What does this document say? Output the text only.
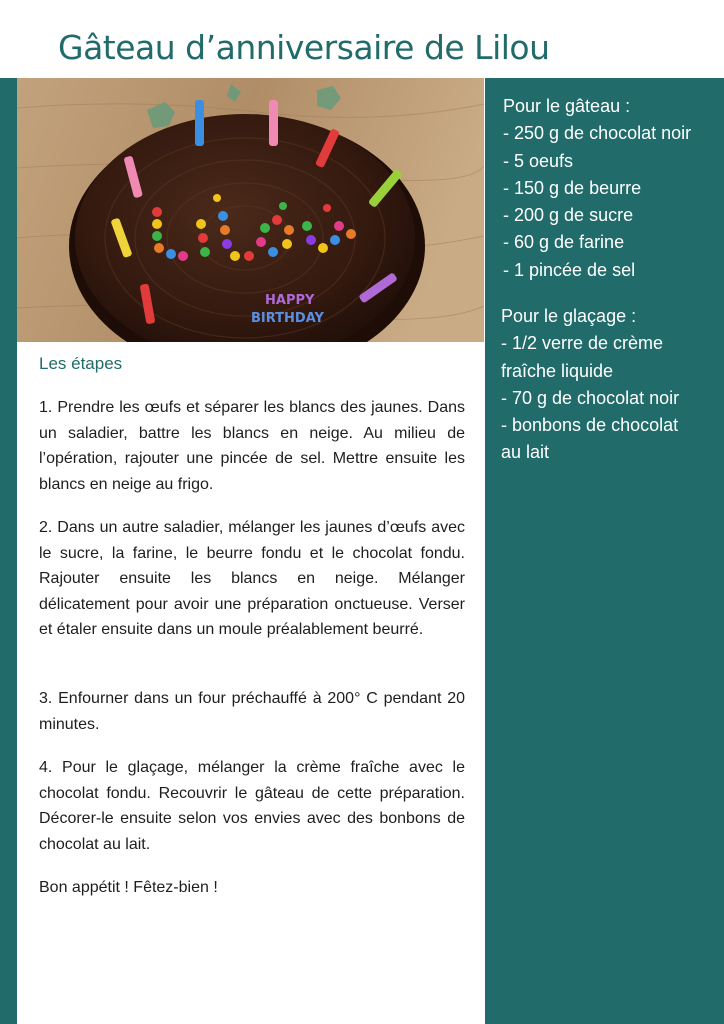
Gâteau d’anniversaire de Lilou
HAPPY
BIRTHDAY
Les étapes

1. Prendre les œufs et séparer les blancs des jaunes. Dans un saladier, battre les blancs en neige. Au milieu de l’opération, rajouter une pincée de sel. Mettre ensuite les blancs en neige au frigo.

2. Dans un autre saladier, mélanger les jaunes d’œufs avec le sucre, la farine, le beurre fondu et le chocolat fondu. Rajouter ensuite les blancs en neige. Mélanger délicatement pour avoir une préparation onctueuse. Verser et étaler ensuite dans un moule préalablement beurré.

3. Enfourner dans un four préchauffé à 200° C pendant 20 minutes.

4. Pour le glaçage, mélanger la crème fraîche avec le chocolat fondu. Recouvrir le gâteau de cette préparation. Décorer-le ensuite selon vos envies avec des bonbons de chocolat au lait.

Bon appétit ! Fêtez-bien !

Pour le gâteau :
- 250 g de chocolat noir
- 5 oeufs
- 150 g de beurre
- 200 g de sucre
- 60 g de farine
- 1 pincée de sel
Pour le glaçage :
- 1/2 verre de crème
fraîche liquide
- 70 g de chocolat noir
- bonbons de chocolat
au lait
